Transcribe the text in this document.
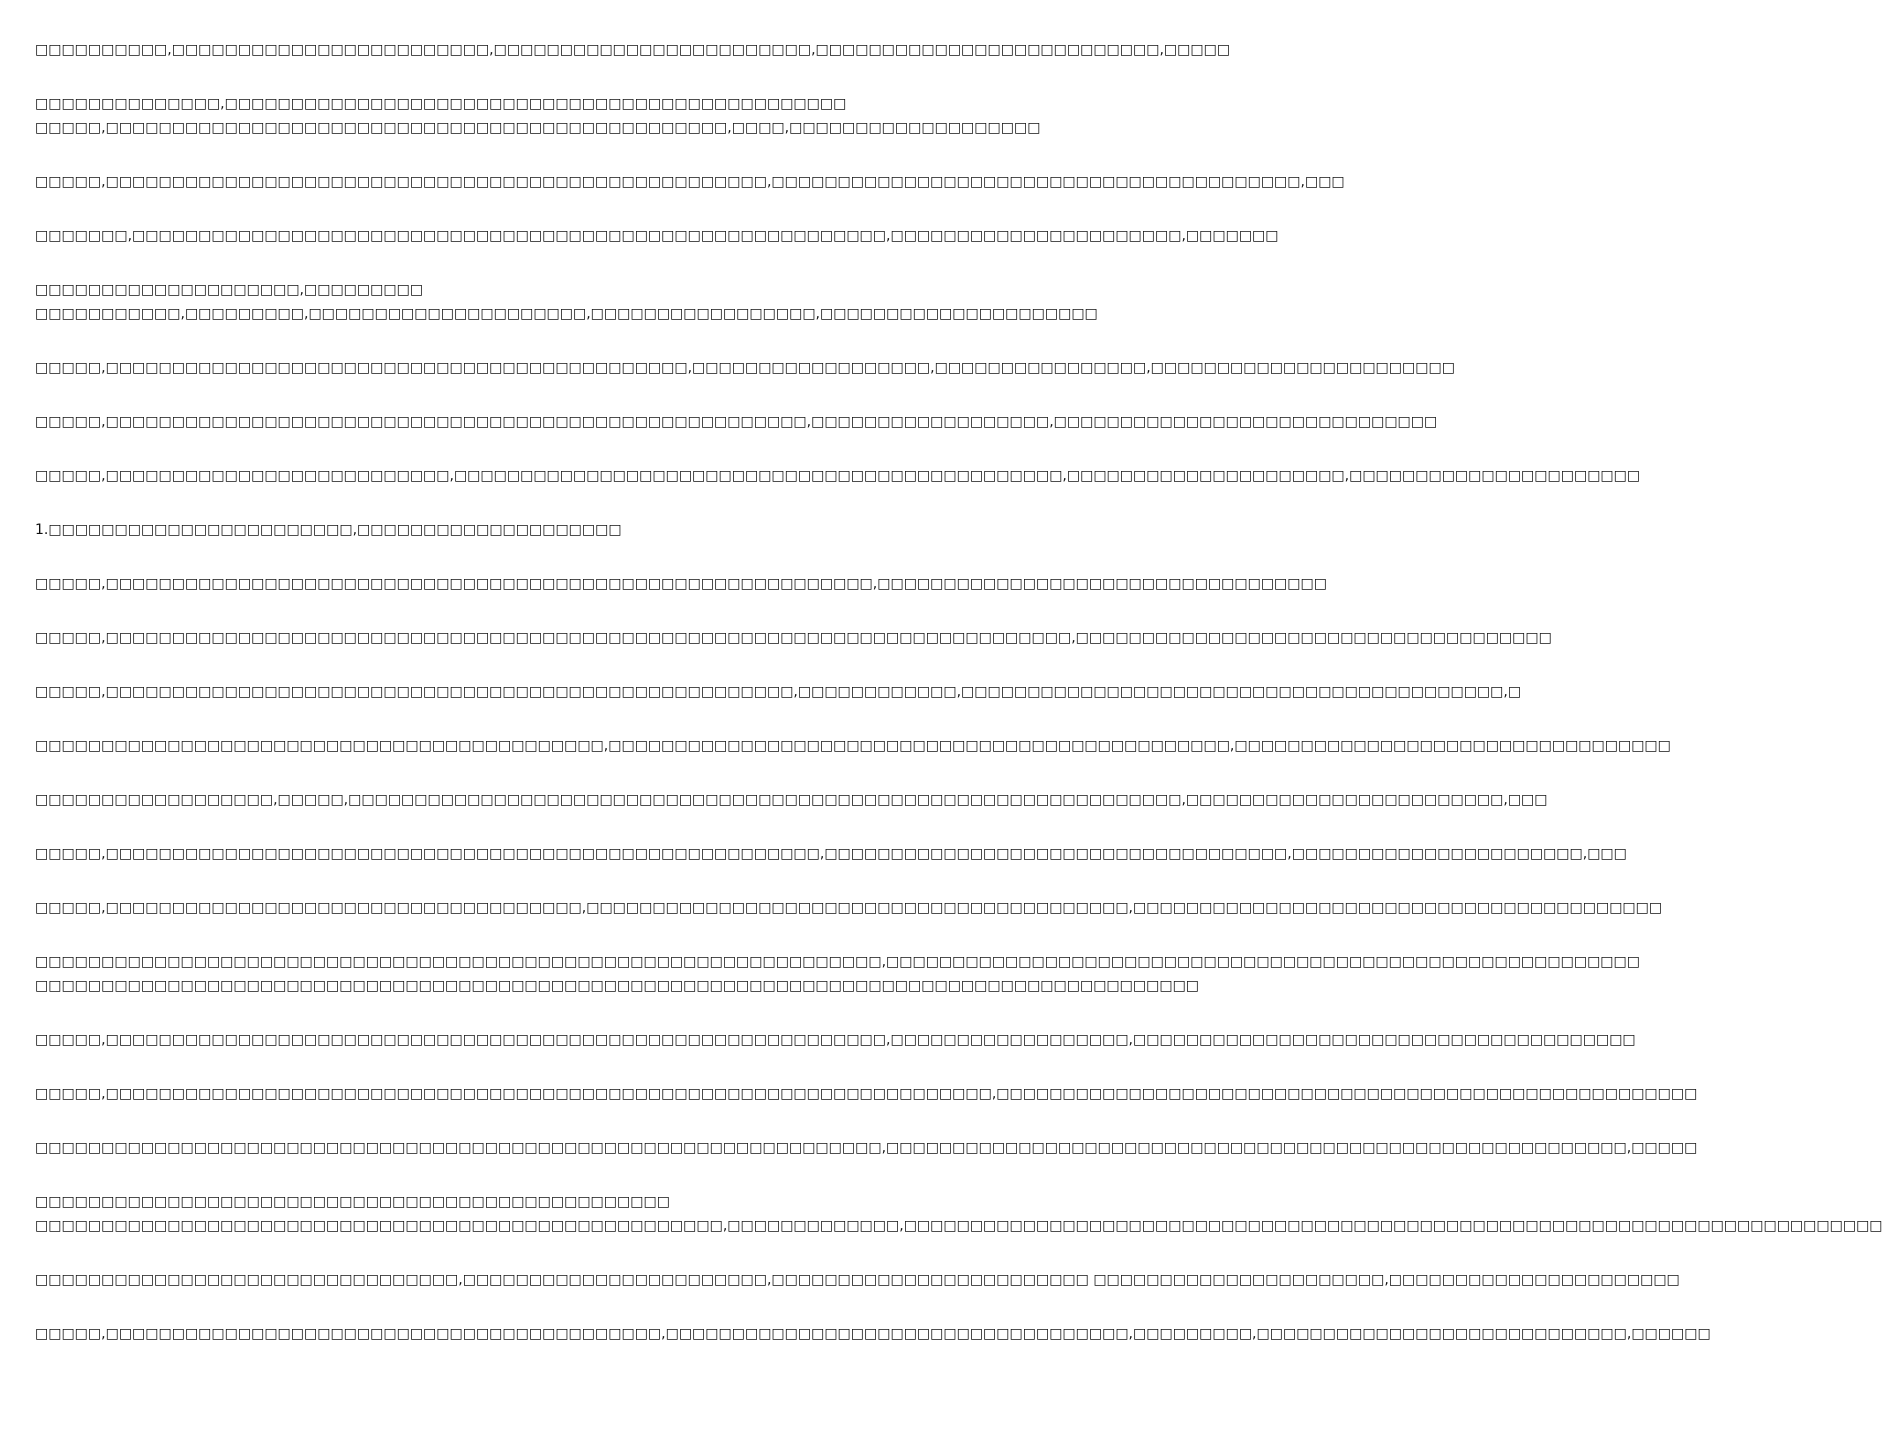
□□□□□□□□□□,□□□□□□□□□□□□□□□□□□□□□□□□,□□□□□□□□□□□□□□□□□□□□□□□□,□□□□□□□□□□□□□□□□□□□□□□□□□□,□□□□□
□□□□□□□□□□□□□□,□□□□□□□□□□□□□□□□□□□□□□□□□□□□□□□□□□□□□□□□□□□□□□□
□□□□□,□□□□□□□□□□□□□□□□□□□□□□□□□□□□□□□□□□□□□□□□□□□□□□□,□□□□,□□□□□□□□□□□□□□□□□□□
□□□□□,□□□□□□□□□□□□□□□□□□□□□□□□□□□□□□□□□□□□□□□□□□□□□□□□□□,□□□□□□□□□□□□□□□□□□□□□□□□□□□□□□□□□□□□□□□□,□□□
□□□□□□□,□□□□□□□□□□□□□□□□□□□□□□□□□□□□□□□□□□□□□□□□□□□□□□□□□□□□□□□□□,□□□□□□□□□□□□□□□□□□□□□□,□□□□□□□
□□□□□□□□□□□□□□□□□□□□,□□□□□□□□□
□□□□□□□□□□□,□□□□□□□□□,□□□□□□□□□□□□□□□□□□□□□,□□□□□□□□□□□□□□□□□,□□□□□□□□□□□□□□□□□□□□□
□□□□□,□□□□□□□□□□□□□□□□□□□□□□□□□□□□□□□□□□□□□□□□□□□□,□□□□□□□□□□□□□□□□□□,□□□□□□□□□□□□□□□□,□□□□□□□□□□□□□□□□□□□□□□□
□□□□□,□□□□□□□□□□□□□□□□□□□□□□□□□□□□□□□□□□□□□□□□□□□□□□□□□□□□□,□□□□□□□□□□□□□□□□□□,□□□□□□□□□□□□□□□□□□□□□□□□□□□□□
□□□□□,□□□□□□□□□□□□□□□□□□□□□□□□□□,□□□□□□□□□□□□□□□□□□□□□□□□□□□□□□□□□□□□□□□□□□□□□□,□□□□□□□□□□□□□□□□□□□□□,□□□□□□□□□□□□□□□□□□□□□□
1.□□□□□□□□□□□□□□□□□□□□□□□,□□□□□□□□□□□□□□□□□□□□
□□□□□,□□□□□□□□□□□□□□□□□□□□□□□□□□□□□□□□□□□□□□□□□□□□□□□□□□□□□□□□□□,□□□□□□□□□□□□□□□□□□□□□□□□□□□□□□□□□□
□□□□□,□□□□□□□□□□□□□□□□□□□□□□□□□□□□□□□□□□□□□□□□□□□□□□□□□□□□□□□□□□□□□□□□□□□□□□□□□,□□□□□□□□□□□□□□□□□□□□□□□□□□□□□□□□□□□□
□□□□□,□□□□□□□□□□□□□□□□□□□□□□□□□□□□□□□□□□□□□□□□□□□□□□□□□□□□,□□□□□□□□□□□□,□□□□□□□□□□□□□□□□□□□□□□□□□□□□□□□□□□□□□□□□□,□
□□□□□□□□□□□□□□□□□□□□□□□□□□□□□□□□□□□□□□□□□□□,□□□□□□□□□□□□□□□□□□□□□□□□□□□□□□□□□□□□□□□□□□□□□□□,□□□□□□□□□□□□□□□□□□□□□□□□□□□□□□□□□
□□□□□□□□□□□□□□□□□□,□□□□□,□□□□□□□□□□□□□□□□□□□□□□□□□□□□□□□□□□□□□□□□□□□□□□□□□□□□□□□□□□□□□□□,□□□□□□□□□□□□□□□□□□□□□□□□,□□□
□□□□□,□□□□□□□□□□□□□□□□□□□□□□□□□□□□□□□□□□□□□□□□□□□□□□□□□□□□□□,□□□□□□□□□□□□□□□□□□□□□□□□□□□□□□□□□□□,□□□□□□□□□□□□□□□□□□□□□□,□□□
□□□□□,□□□□□□□□□□□□□□□□□□□□□□□□□□□□□□□□□□□□,□□□□□□□□□□□□□□□□□□□□□□□□□□□□□□□□□□□□□□□□□,□□□□□□□□□□□□□□□□□□□□□□□□□□□□□□□□□□□□□□□□
□□□□□□□□□□□□□□□□□□□□□□□□□□□□□□□□□□□□□□□□□□□□□□□□□□□□□□□□□□□□□□□□,□□□□□□□□□□□□□□□□□□□□□□□□□□□□□□□□□□□□□□□□□□□□□□□□□□□□□□□□□
□□□□□□□□□□□□□□□□□□□□□□□□□□□□□□□□□□□□□□□□□□□□□□□□□□□□□□□□□□□□□□□□□□□□□□□□□□□□□□□□□□□□□□□□
□□□□□,□□□□□□□□□□□□□□□□□□□□□□□□□□□□□□□□□□□□□□□□□□□□□□□□□□□□□□□□□□□,□□□□□□□□□□□□□□□□□□,□□□□□□□□□□□□□□□□□□□□□□□□□□□□□□□□□□□□□□
□□□□□,□□□□□□□□□□□□□□□□□□□□□□□□□□□□□□□□□□□□□□□□□□□□□□□□□□□□□□□□□□□□□□□□□□□,□□□□□□□□□□□□□□□□□□□□□□□□□□□□□□□□□□□□□□□□□□□□□□□□□□□□□
□□□□□□□□□□□□□□□□□□□□□□□□□□□□□□□□□□□□□□□□□□□□□□□□□□□□□□□□□□□□□□□□,□□□□□□□□□□□□□□□□□□□□□□□□□□□□□□□□□□□□□□□□□□□□□□□□□□□□□□□□,□□□□□
□□□□□□□□□□□□□□□□□□□□□□□□□□□□□□□□□□□□□□□□□□□□□□□□
□□□□□□□□□□□□□□□□□□□□□□□□□□□□□□□□□□□□□□□□□□□□□□□□□□□□,□□□□□□□□□□□□□,□□□□□□□□□□□□□□□□□□□□□□□□□□□□□□□□□□□□□□□□□□□□□□□□□□□□□□□□□□□□□□□□□□□□□□□□□□
□□□□□□□□□□□□□□□□□□□□□□□□□□□□□□□□,□□□□□□□□□□□□□□□□□□□□□□□,□□□□□□□□□□□□□□□□□□□□□□□□ □□□□□□□□□□□□□□□□□□□□□□,□□□□□□□□□□□□□□□□□□□□□□
□□□□□,□□□□□□□□□□□□□□□□□□□□□□□□□□□□□□□□□□□□□□□□□□,□□□□□□□□□□□□□□□□□□□□□□□□□□□□□□□□□□□,□□□□□□□□□,□□□□□□□□□□□□□□□□□□□□□□□□□□□□,□□□□□□
